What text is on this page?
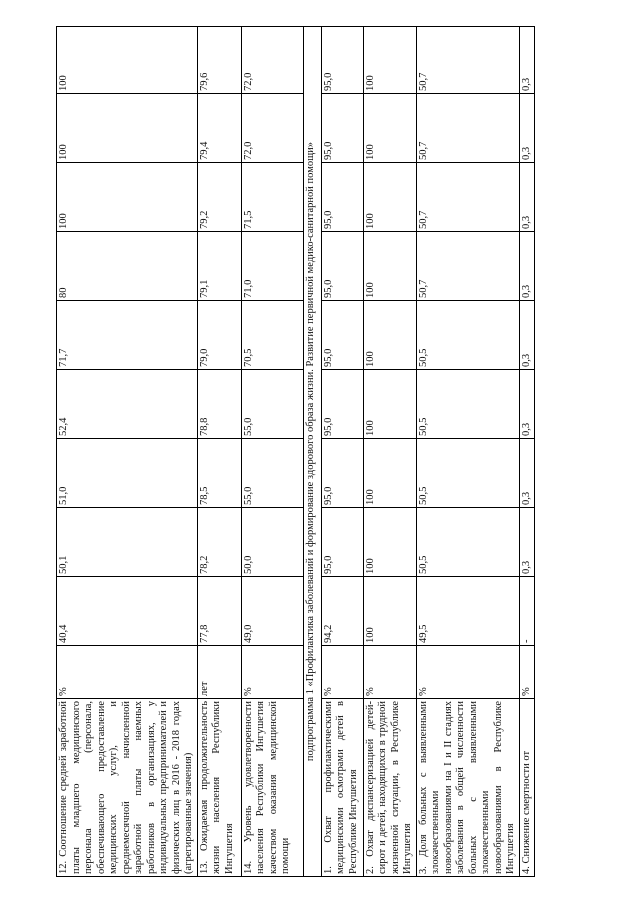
12. Соотношение средней заработной платы младшего медицинского персонала (персонала, обеспечивающего предоставление медицинских услуг), и среднемесячной начисленной заработной платы наемных работников в организациях, у индивидуальных предпринимателей и физических лиц в 2016 - 2018 годах (агрегированные значения)	%	40,4	50,1	51,0	52,4	71,7	80	100	100	100
13. Ожидаемая продолжительность жизни населения Республики Ингушетия	лет	77,8	78,2	78,5	78,8	79,0	79,1	79,2	79,4	79,6
14. Уровень удовлетворенности населения Республики Ингушетия качеством оказания медицинской помощи	%	49,0	50,0	55,0	55,0	70,5	71,0	71,5	72,0	72,0
подпрограмма 1 «Профилактика заболеваний и формирование здорового образа жизни. Развитие первичной медико-санитарной помощи»										
1. Охват профилактическими медицинскими осмотрами детей в Республике Ингушетия	%	94,2	95,0	95,0	95,0	95,0	95,0	95,0	95,0	95,0
2. Охват диспансеризацией детей-сирот и детей, находящихся в трудной жизненной ситуации, в Республике Ингушетия	%	100	100	100	100	100	100	100	100	100
3. Доля больных с выявленными злокачественными новообразованиями на I и II стадиях заболевания в общей численности больных с выявленными злокачественными новообразованиями в Республике Ингушетия	%	49,5	50,5	50,5	50,5	50,5	50,7	50,7	50,7	50,7
4. Снижение смертности от	%	-	0,3	0,3	0,3	0,3	0,3	0,3	0,3	0,3
